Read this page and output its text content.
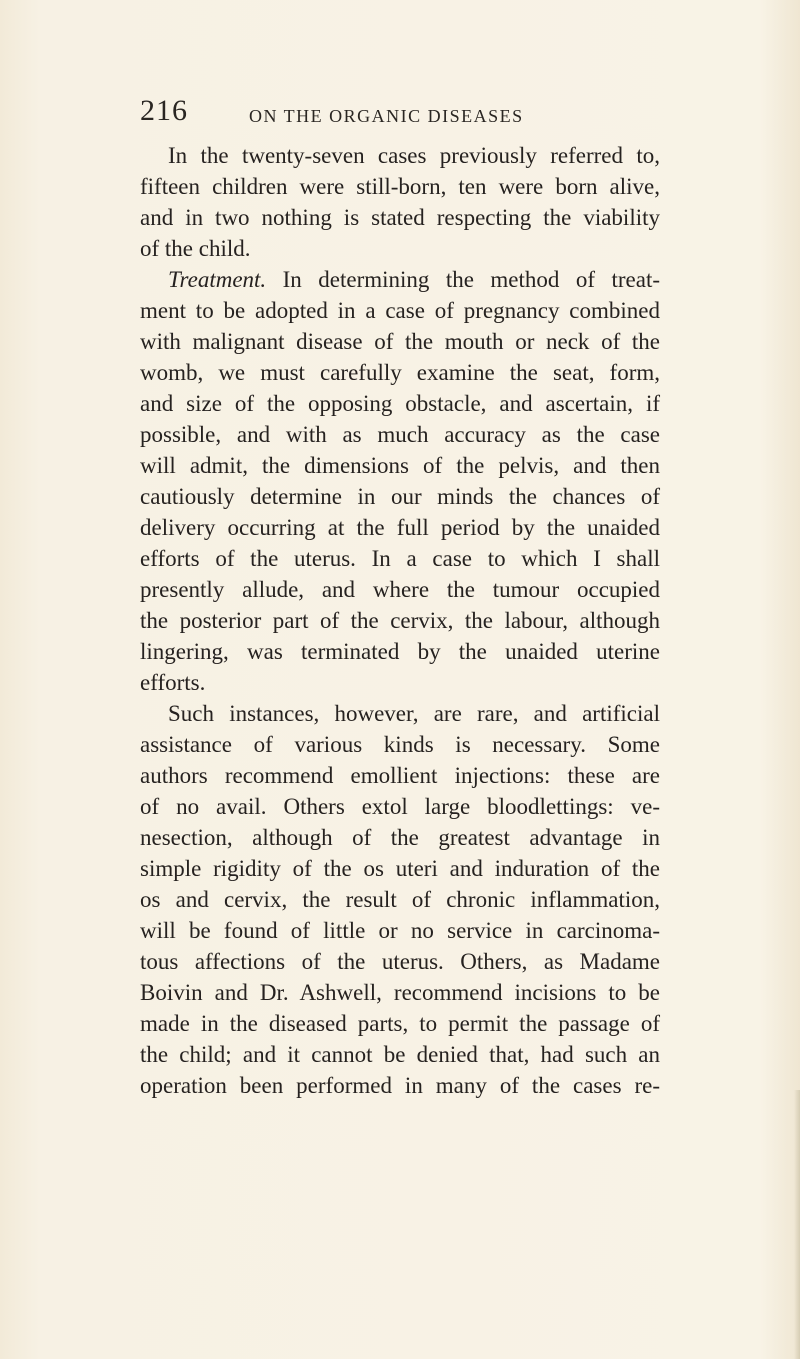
216	ON THE ORGANIC DISEASES
In the twenty-seven cases previously referred to,
fifteen children were still-born, ten were born alive,
and in two nothing is stated respecting the viability
of the child.
Treatment. In determining the method of treat-
ment to be adopted in a case of pregnancy combined
with malignant disease of the mouth or neck of the
womb, we must carefully examine the seat, form,
and size of the opposing obstacle, and ascertain, if
possible, and with as much accuracy as the case
will admit, the dimensions of the pelvis, and then
cautiously determine in our minds the chances of
delivery occurring at the full period by the unaided
efforts of the uterus. In a case to which I shall
presently allude, and where the tumour occupied
the posterior part of the cervix, the labour, although
lingering, was terminated by the unaided uterine
efforts.
Such instances, however, are rare, and artificial
assistance of various kinds is necessary. Some
authors recommend emollient injections: these are
of no avail. Others extol large bloodlettings: ve-
nesection, although of the greatest advantage in
simple rigidity of the os uteri and induration of the
os and cervix, the result of chronic inflammation,
will be found of little or no service in carcinoma-
tous affections of the uterus. Others, as Madame
Boivin and Dr. Ashwell, recommend incisions to be
made in the diseased parts, to permit the passage of
the child; and it cannot be denied that, had such an
operation been performed in many of the cases re-
